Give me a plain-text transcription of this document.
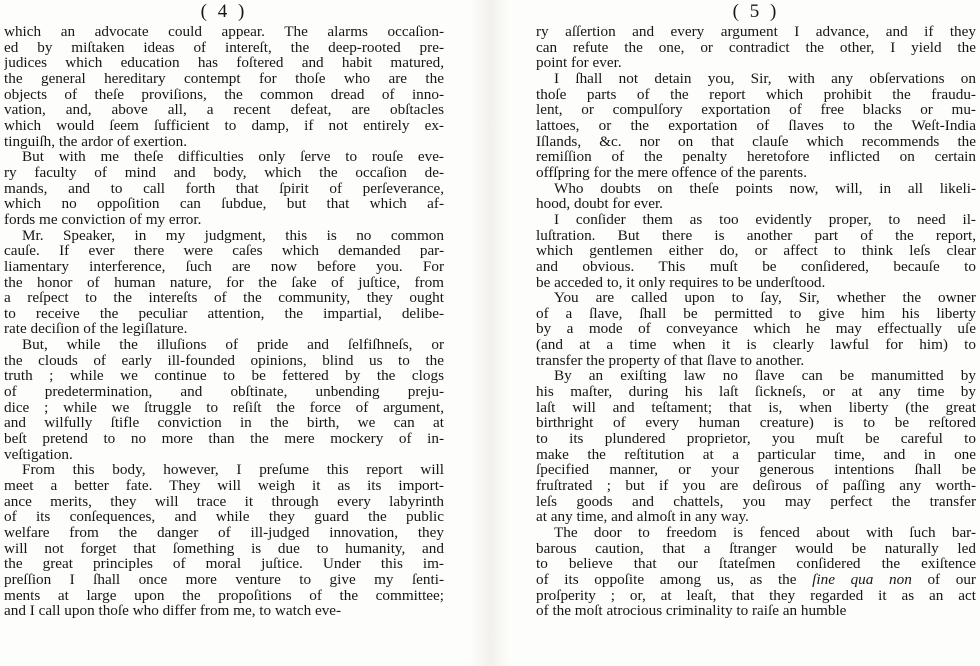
( 4 )

which an advocate could appear. The alarms occaſion-
ed by miſtaken ideas of intereſt, the deep-rooted pre-
judices which education has foſtered and habit matured,
the general hereditary contempt for thoſe who are the
objects of theſe proviſions, the common dread of inno-
vation, and, above all, a recent defeat, are obſtacles
which would ſeem ſufficient to damp, if not entirely ex-
tinguiſh, the ardor of exertion.

But with me theſe difficulties only ſerve to rouſe eve-
ry faculty of mind and body, which the occaſion de-
mands, and to call forth that ſpirit of perſeverance,
which no oppoſition can ſubdue, but that which af-
fords me conviction of my error.

Mr. Speaker, in my judgment, this is no common
cauſe. If ever there were caſes which demanded par-
liamentary interference, ſuch are now before you. For
the honor of human nature, for the ſake of juſtice, from
a reſpect to the intereſts of the community, they ought
to receive the peculiar attention, the impartial, delibe-
rate deciſion of the legiſlature.

But, while the illuſions of pride and ſelfiſhneſs, or
the clouds of early ill-founded opinions, blind us to the
truth ; while we continue to be fettered by the clogs
of predetermination, and obſtinate, unbending preju-
dice ; while we ſtruggle to reſiſt the force of argument,
and wilfully ſtifle conviction in the birth, we can at
beſt pretend to no more than the mere mockery of in-
veſtigation.

From this body, however, I preſume this report will
meet a better fate. They will weigh it as its import-
ance merits, they will trace it through every labyrinth
of its conſequences, and while they guard the public
welfare from the danger of ill-judged innovation, they
will not forget that ſomething is due to humanity, and
the great principles of moral juſtice. Under this im-
preſſion I ſhall once more venture to give my ſenti-
ments at large upon the propoſitions of the committee;
and I call upon thoſe who differ from me, to watch eve-

( 5 )

ry aſſertion and every argument I advance, and if they
can refute the one, or contradict the other, I yield the
point for ever.

I ſhall not detain you, Sir, with any obſervations on
thoſe parts of the report which prohibit the fraudu-
lent, or compulſory exportation of free blacks or mu-
lattoes, or the exportation of ſlaves to the Weſt-India
Iſlands, &c. nor on that clauſe which recommends the
remiſſion of the penalty heretofore inflicted on certain
offſpring for the mere offence of the parents.

Who doubts on theſe points now, will, in all likeli-
hood, doubt for ever.

I conſider them as too evidently proper, to need il-
luſtration. But there is another part of the report,
which gentlemen either do, or affect to think leſs clear
and obvious. This muſt be conſidered, becauſe to
be acceded to, it only requires to be underſtood.

You are called upon to ſay, Sir, whether the owner
of a ſlave, ſhall be permitted to give him his liberty
by a mode of conveyance which he may effectually uſe
(and at a time when it is clearly lawful for him) to
transfer the property of that ſlave to another.

By an exiſting law no ſlave can be manumitted by
his maſter, during his laſt ſickneſs, or at any time by
laſt will and teſtament; that is, when liberty (the great
birthright of every human creature) is to be reſtored
to its plundered proprietor, you muſt be careful to
make the reſtitution at a particular time, and in one
ſpecified manner, or your generous intentions ſhall be
fruſtrated ; but if you are deſirous of paſſing any worth-
leſs goods and chattels, you may perfect the transfer
at any time, and almoſt in any way.

The door to freedom is fenced about with ſuch bar-
barous caution, that a ſtranger would be naturally led
to believe that our ſtateſmen conſidered the exiſtence
of its oppoſite among us, as the ſine qua non of our
proſperity ; or, at leaſt, that they regarded it as an act
of the moſt atrocious criminality to raiſe an humble
